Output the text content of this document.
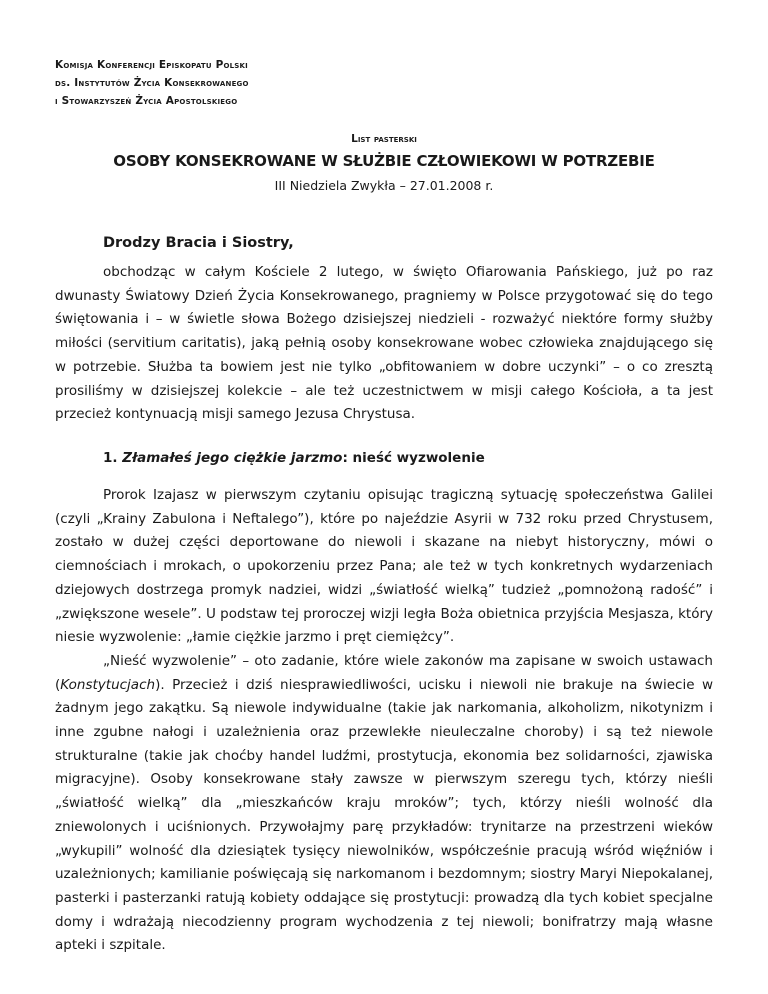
Komisja Konferencji Episkopatu Polski
ds. Instytutów Życia Konsekrowanego
i Stowarzyszeń Życia Apostolskiego
List pasterski
OSOBY KONSEKROWANE W SŁUŻBIE CZŁOWIEKOWI W POTRZEBIE
III Niedziela Zwykła – 27.01.2008 r.
Drodzy Bracia i Siostry,

obchodząc w całym Kościele 2 lutego, w święto Ofiarowania Pańskiego, już po raz dwunasty Światowy Dzień Życia Konsekrowanego, pragniemy w Polsce przygotować się do tego świętowania i – w świetle słowa Bożego dzisiejszej niedzieli - rozważyć niektóre formy służby miłości (servitium caritatis), jaką pełnią osoby konsekrowane wobec człowieka znajdującego się w potrzebie. Służba ta bowiem jest nie tylko „obfitowaniem w dobre uczynki” – o co zresztą prosiliśmy w dzisiejszej kolekcie – ale też uczestnictwem w misji całego Kościoła, a ta jest przecież kontynuacją misji samego Jezusa Chrystusa.

1. Złamałeś jego ciężkie jarzmo: nieść wyzwolenie

Prorok Izajasz w pierwszym czytaniu opisując tragiczną sytuację społeczeństwa Galilei (czyli „Krainy Zabulona i Neftalego”), które po najeździe Asyrii w 732 roku przed Chrystusem, zostało w dużej części deportowane do niewoli i skazane na niebyt historyczny, mówi o ciemnościach i mrokach, o upokorzeniu przez Pana; ale też w tych konkretnych wydarzeniach dziejowych dostrzega promyk nadziei, widzi „światłość wielką” tudzież „pomnożoną radość” i „zwiększone wesele”. U podstaw tej proroczej wizji legła Boża obietnica przyjścia Mesjasza, który niesie wyzwolenie: „łamie ciężkie jarzmo i pręt ciemiężcy”.

„Nieść wyzwolenie” – oto zadanie, które wiele zakonów ma zapisane w swoich ustawach (Konstytucjach). Przecież i dziś niesprawiedliwości, ucisku i niewoli nie brakuje na świecie w żadnym jego zakątku. Są niewole indywidualne (takie jak narkomania, alkoholizm, nikotynizm i inne zgubne nałogi i uzależnienia oraz przewlekłe nieuleczalne choroby) i są też niewole strukturalne (takie jak choćby handel ludźmi, prostytucja, ekonomia bez solidarności, zjawiska migracyjne). Osoby konsekrowane stały zawsze w pierwszym szeregu tych, którzy nieśli „światłość wielką” dla „mieszkańców kraju mroków”; tych, którzy nieśli wolność dla zniewolonych i uciśnionych. Przywołajmy parę przykładów: trynitarze na przestrzeni wieków „wykupili” wolność dla dziesiątek tysięcy niewolników, współcześnie pracują wśród więźniów i uzależnionych; kamilianie poświęcają się narkomanom i bezdomnym; siostry Maryi Niepokalanej, pasterki i pasterzanki ratują kobiety oddające się prostytucji: prowadzą dla tych kobiet specjalne domy i wdrażają niecodzienny program wychodzenia z tej niewoli; bonifratrzy mają własne apteki i szpitale.
